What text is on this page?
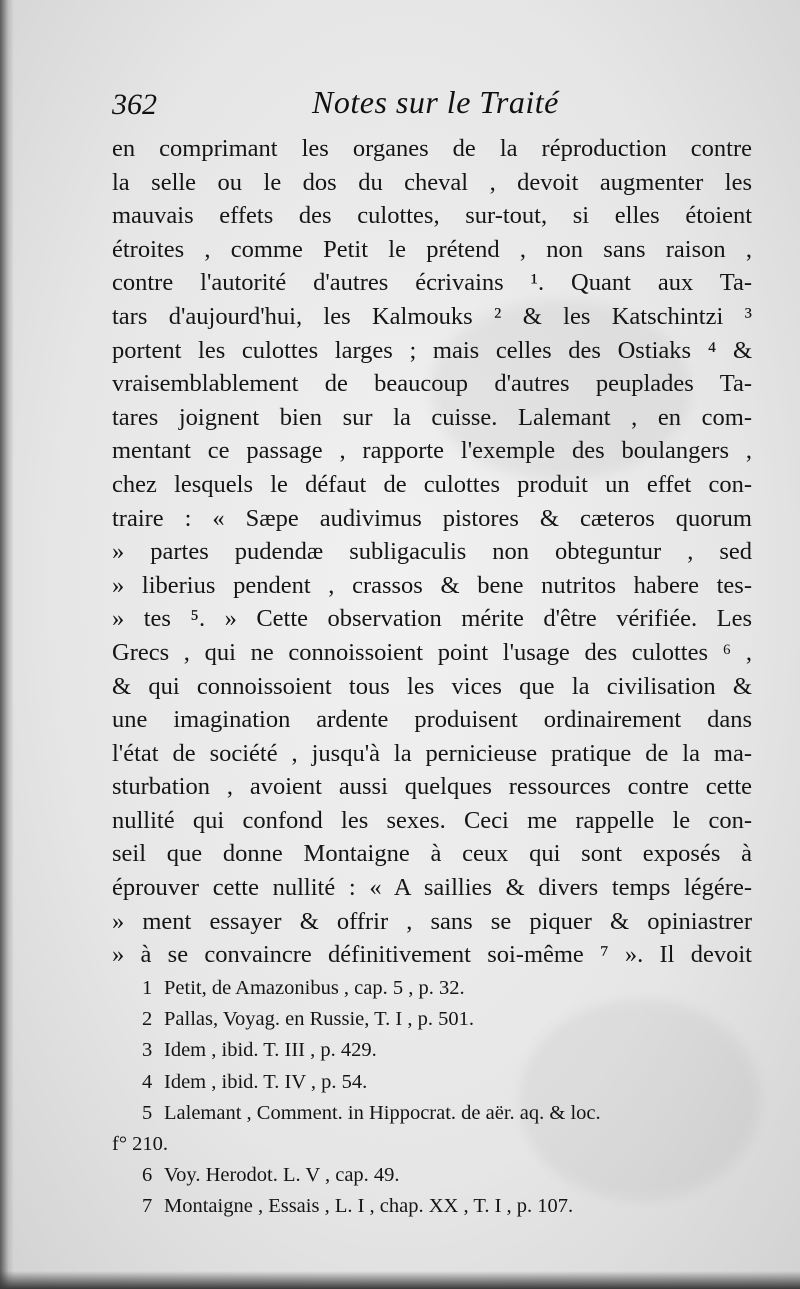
362	Notes sur le Traité
en comprimant les organes de la réproduction contre
la selle ou le dos du cheval , devoit augmenter les
mauvais effets des culottes, sur-tout, si elles étoient
étroites , comme Petit le prétend , non sans raison ,
contre l'autorité d'autres écrivains ¹. Quant aux Ta-
tars d'aujourd'hui, les Kalmouks ² & les Katschintzi ³
portent les culottes larges ; mais celles des Ostiaks ⁴ &
vraisemblablement de beaucoup d'autres peuplades Ta-
tares joignent bien sur la cuisse. Lalemant , en com-
mentant ce passage , rapporte l'exemple des boulangers ,
chez lesquels le défaut de culottes produit un effet con-
traire : « Sæpe audivimus pistores & cæteros quorum
» partes pudendæ subligaculis non obteguntur , sed
» liberius pendent , crassos & bene nutritos habere tes-
» tes ⁵. » Cette observation mérite d'être vérifiée. Les
Grecs , qui ne connoissoient point l'usage des culottes ⁶ ,
& qui connoissoient tous les vices que la civilisation &
une imagination ardente produisent ordinairement dans
l'état de société , jusqu'à la pernicieuse pratique de la ma-
sturbation , avoient aussi quelques ressources contre cette
nullité qui confond les sexes. Ceci me rappelle le con-
seil que donne Montaigne à ceux qui sont exposés à
éprouver cette nullité : « A saillies & divers temps légére-
» ment essayer & offrir , sans se piquer & opiniastrer
» à se convaincre définitivement soi-même ⁷ ». Il devoit
1 Petit, de Amazonibus , cap. 5 , p. 32.
2 Pallas, Voyag. en Russie, T. I , p. 501.
3 Idem , ibid. T. III , p. 429.
4 Idem , ibid. T. IV , p. 54.
5 Lalemant , Comment. in Hippocrat. de aër. aq. & loc.
f° 210.
6 Voy. Herodot. L. V , cap. 49.
7 Montaigne , Essais , L. I , chap. XX , T. I , p. 107.
